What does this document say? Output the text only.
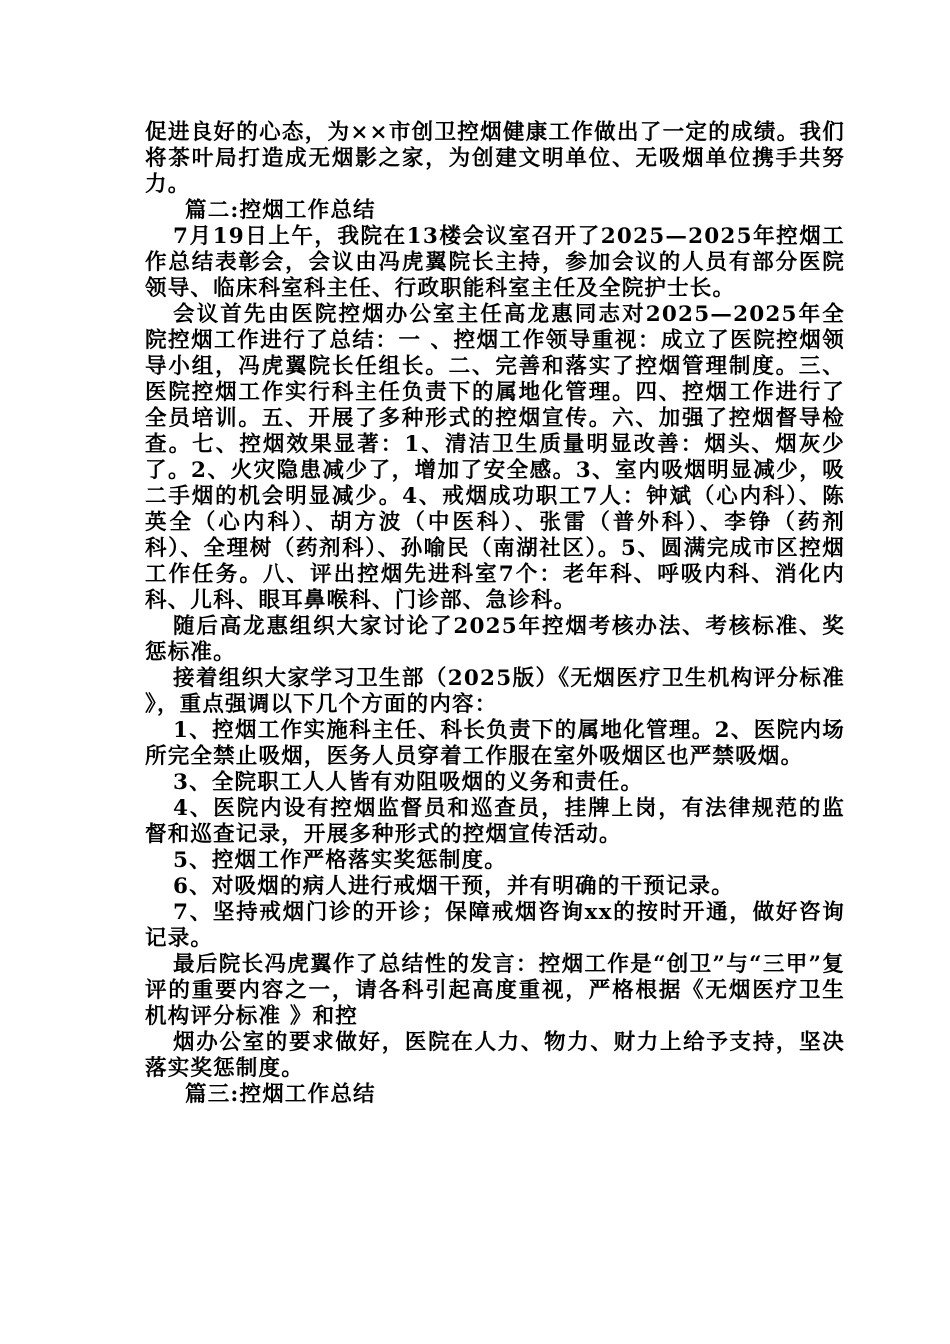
促进良好的心态，为××市创卫控烟健康工作做出了一定的成绩。我们将茶叶局打造成无烟影之家，为创建文明单位、无吸烟单位携手共努力。

篇二:控烟工作总结

7月19日上午，我院在13楼会议室召开了2025—2025年控烟工作总结表彰会，会议由冯虎翼院长主持，参加会议的人员有部分医院领导、临床科室科主任、行政职能科室主任及全院护士长。

会议首先由医院控烟办公室主任高龙惠同志对2025—2025年全院控烟工作进行了总结：一 、控烟工作领导重视：成立了医院控烟领导小组，冯虎翼院长任组长。二、完善和落实了控烟管理制度。三、医院控烟工作实行科主任负责下的属地化管理。四、控烟工作进行了全员培训。五、开展了多种形式的控烟宣传。六、加强了控烟督导检查。七、控烟效果显著：1、清洁卫生质量明显改善：烟头、烟灰少了。2、火灾隐患减少了，增加了安全感。3、室内吸烟明显减少，吸二手烟的机会明显减少。4、戒烟成功职工7人：钟斌（心内科）、陈英全（心内科）、胡方波（中医科）、张雷（普外科）、李铮（药剂科）、全理树（药剂科）、孙喻民（南湖社区）。5、圆满完成市区控烟工作任务。八、评出控烟先进科室7个：老年科、呼吸内科、消化内科、儿科、眼耳鼻喉科、门诊部、急诊科。

随后高龙惠组织大家讨论了2025年控烟考核办法、考核标准、奖惩标准。

接着组织大家学习卫生部（2025版）《无烟医疗卫生机构评分标准 》，重点强调以下几个方面的内容：

1、控烟工作实施科主任、科长负责下的属地化管理。2、医院内场所完全禁止吸烟，医务人员穿着工作服在室外吸烟区也严禁吸烟。

3、全院职工人人皆有劝阻吸烟的义务和责任。

4、医院内设有控烟监督员和巡查员，挂牌上岗，有法律规范的监督和巡查记录，开展多种形式的控烟宣传活动。

5、控烟工作严格落实奖惩制度。

6、对吸烟的病人进行戒烟干预，并有明确的干预记录。

7、坚持戒烟门诊的开诊；保障戒烟咨询xx的按时开通，做好咨询记录。

最后院长冯虎翼作了总结性的发言：控烟工作是“创卫”与“三甲”复评的重要内容之一，请各科引起高度重视，严格根据《无烟医疗卫生机构评分标准 》和控

烟办公室的要求做好，医院在人力、物力、财力上给予支持，坚决落实奖惩制度。

篇三:控烟工作总结
